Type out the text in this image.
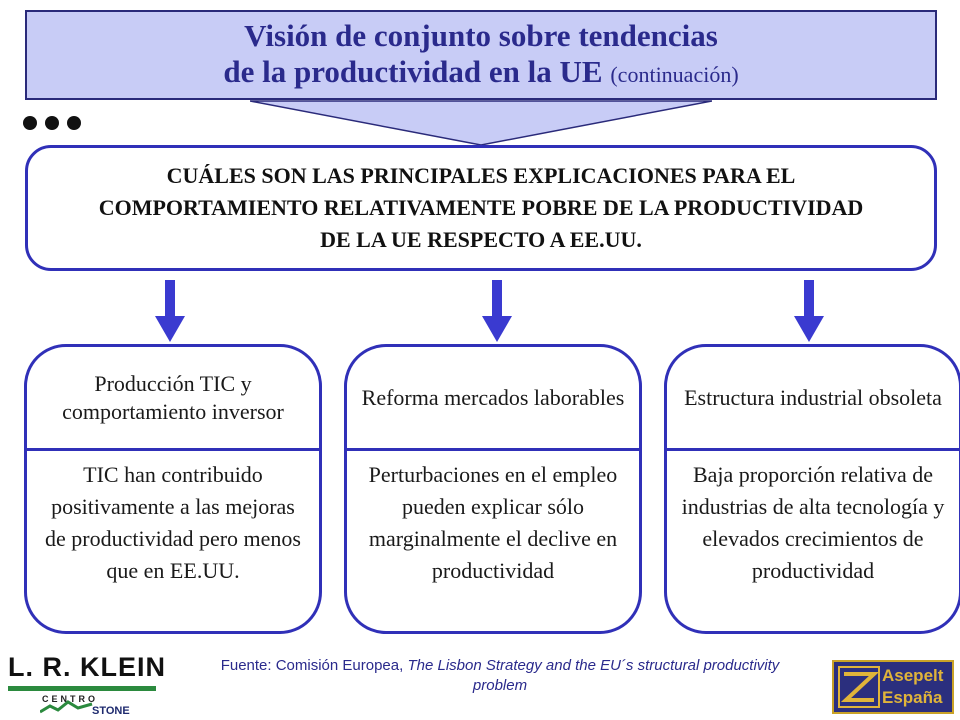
Visión de conjunto sobre tendencias
de la productividad en la UE (continuación)
CUÁLES SON LAS PRINCIPALES EXPLICACIONES PARA EL COMPORTAMIENTO RELATIVAMENTE POBRE DE LA PRODUCTIVIDAD DE LA UE RESPECTO A EE.UU.
Producción TIC y comportamiento inversor
TIC han contribuido positivamente a las mejoras de productividad pero menos que en EE.UU.
Reforma mercados laborables
Perturbaciones en el empleo pueden explicar sólo marginalmente el declive en productividad
Estructura industrial obsoleta
Baja proporción relativa de industrias de alta tecnología y elevados crecimientos de productividad
L. R. KLEIN
CENTRO
STONE
Fuente: Comisión Europea, The Lisbon Strategy and the EU´s structural productivity problem
Asepelt
España
